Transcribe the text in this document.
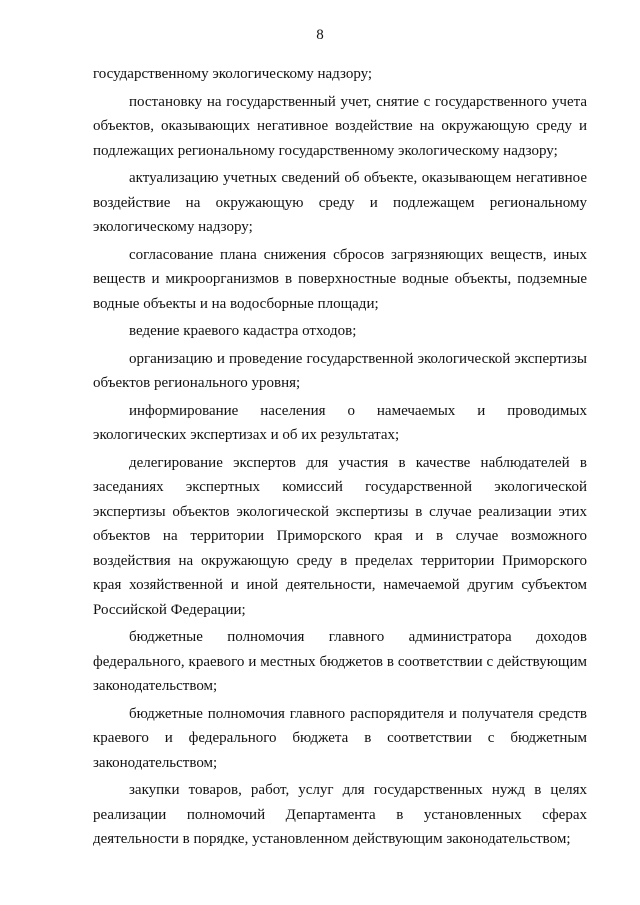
8

государственному экологическому надзору;

постановку на государственный учет, снятие с государственного учета объектов, оказывающих негативное воздействие на окружающую среду и подлежащих региональному государственному экологическому надзору;

актуализацию учетных сведений об объекте, оказывающем негативное воздействие на окружающую среду и подлежащем региональному экологическому надзору;

согласование плана снижения сбросов загрязняющих веществ, иных веществ и микроорганизмов в поверхностные водные объекты, подземные водные объекты и на водосборные площади;

ведение краевого кадастра отходов;

организацию и проведение государственной экологической экспертизы объектов регионального уровня;

информирование населения о намечаемых и проводимых экологических экспертизах и об их результатах;

делегирование экспертов для участия в качестве наблюдателей в заседаниях экспертных комиссий государственной экологической экспертизы объектов экологической экспертизы в случае реализации этих объектов на территории Приморского края и в случае возможного воздействия на окружающую среду в пределах территории Приморского края хозяйственной и иной деятельности, намечаемой другим субъектом Российской Федерации;

бюджетные полномочия главного администратора доходов федерального, краевого и местных бюджетов в соответствии с действующим законодательством;

бюджетные полномочия главного распорядителя и получателя средств краевого и федерального бюджета в соответствии с бюджетным законодательством;

закупки товаров, работ, услуг для государственных нужд в целях реализации полномочий Департамента в установленных сферах деятельности в порядке, установленном действующим законодательством;
